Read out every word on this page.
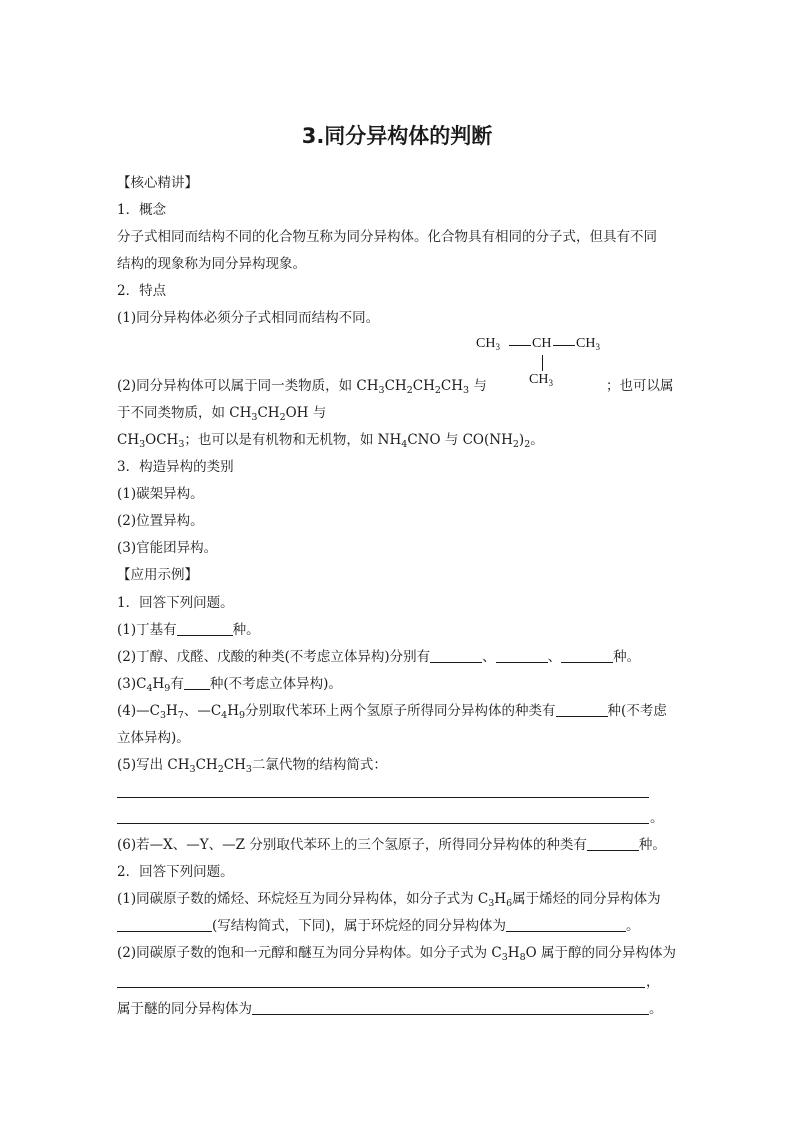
3.同分异构体的判断
【核心精讲】
1．概念
分子式相同而结构不同的化合物互称为同分异构体。化合物具有相同的分子式，但具有不同
结构的现象称为同分异构现象。
2．特点
(1)同分异构体必须分子式相同而结构不同。
$CH_3$ CH $CH_3$
$CH_3$
(2)同分异构体可以属于同一类物质，如 $CH_3CH_2CH_2CH_3$ 与	；也可以属
于不同类物质，如 $CH_3CH_2OH$ 与
$CH_3OCH_3$；也可以是有机物和无机物，如 $NH_4CNO$ 与 $CO(NH_2)_2$。
3．构造异构的类别
(1)碳架异构。
(2)位置异构。
(3)官能团异构。
【应用示例】
1．回答下列问题。
(1)丁基有	种。
(2)丁醇、戊醛、戊酸的种类(不考虑立体异构)分别有	、	、	种。
$(3)C_4H_9$有 种(不考虑立体异构)。
$(4)—C_3H_7$、$—C_4H_9$分别取代苯环上两个氢原子所得同分异构体的种类有	种(不考虑
立体异构)。
(5)写出 $CH_3CH_2CH_3$二氯代物的结构简式：
。
(6)若—X、—Y、—Z 分别取代苯环上的三个氢原子，所得同分异构体的种类有	种。
2．回答下列问题。
(1)同碳原子数的烯烃、环烷烃互为同分异构体，如分子式为 $C_3H_6$属于烯烃的同分异构体为
(写结构简式，下同)，属于环烷烃的同分异构体为	。
(2)同碳原子数的饱和一元醇和醚互为同分异构体。如分子式为 $C_3H_8O$ 属于醇的同分异构体为
，
属于醚的同分异构体为	。
